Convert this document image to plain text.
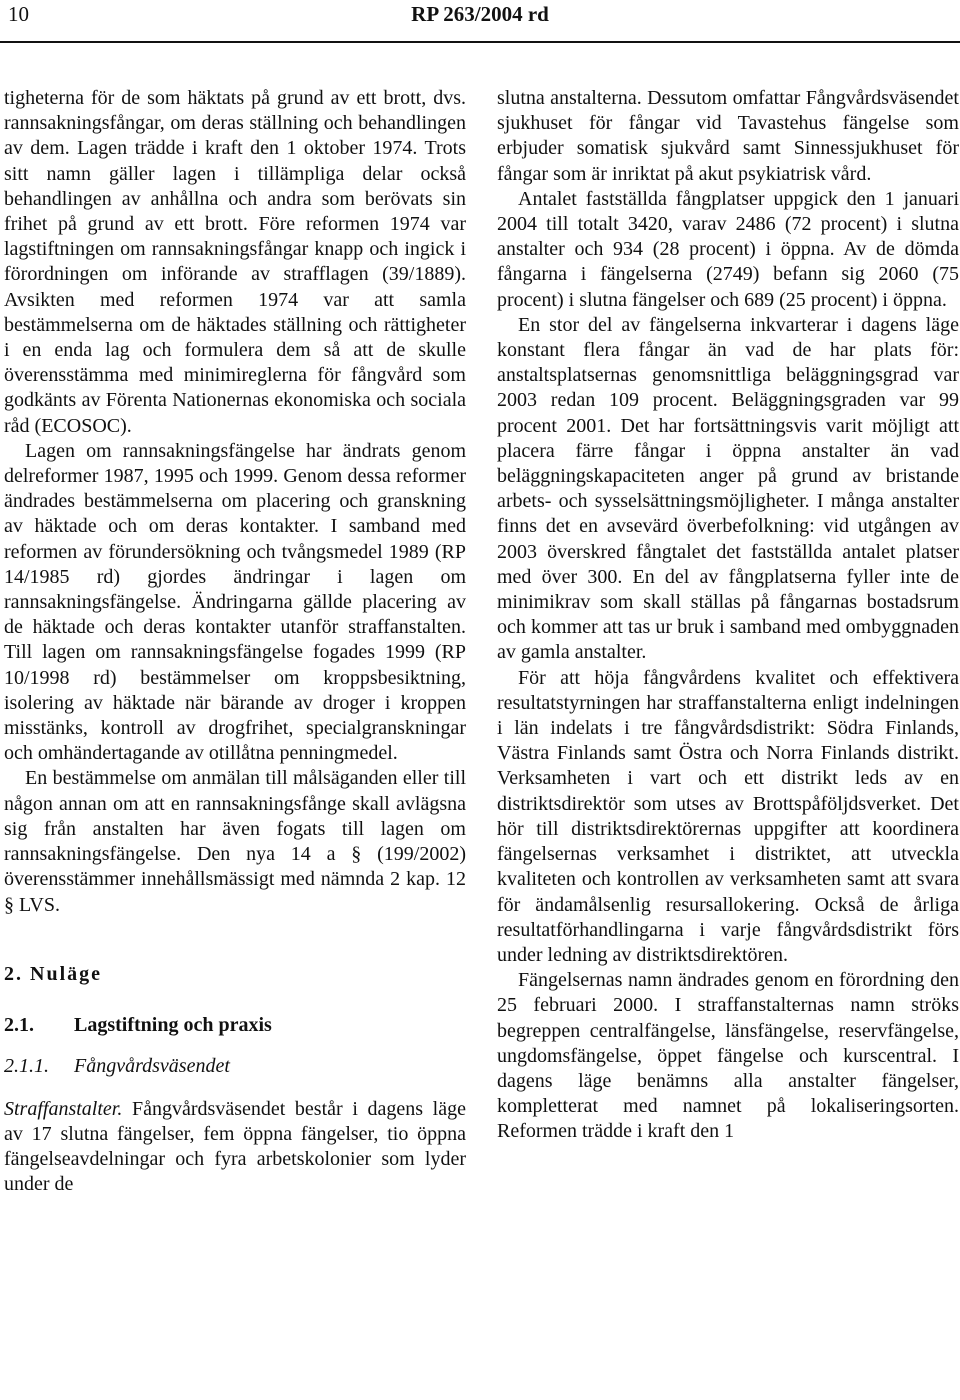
10	RP 263/2004 rd

tigheterna för de som häktats på grund av ett brott, dvs. rannsakningsfångar, om deras ställning och behandlingen av dem. Lagen trädde i kraft den 1 oktober 1974. Trots sitt namn gäller lagen i tillämpliga delar också behandlingen av anhållna och andra som berövats sin frihet på grund av ett brott. Före reformen 1974 var lagstiftningen om rannsakningsfångar knapp och ingick i förordningen om införande av strafflagen (39/1889). Avsikten med reformen 1974 var att samla bestämmelserna om de häktades ställning och rättigheter i en enda lag och formulera dem så att de skulle överensstämma med minimireglerna för fångvård som godkänts av Förenta Nationernas ekonomiska och sociala råd (ECOSOC).

Lagen om rannsakningsfängelse har ändrats genom delreformer 1987, 1995 och 1999. Genom dessa reformer ändrades bestämmelserna om placering och granskning av häktade och om deras kontakter. I samband med reformen av förundersökning och tvångsmedel 1989 (RP 14/1985 rd) gjordes ändringar i lagen om rannsakningsfängelse. Ändringarna gällde placering av de häktade och deras kontakter utanför straffanstalten. Till lagen om rannsakningsfängelse fogades 1999 (RP 10/1998 rd) bestämmelser om kroppsbesiktning, isolering av häktade när bärande av droger i kroppen misstänks, kontroll av drogfrihet, specialgranskningar och omhändertagande av otillåtna penningmedel.

En bestämmelse om anmälan till målsäganden eller till någon annan om att en rannsakningsfånge skall avlägsna sig från anstalten har även fogats till lagen om rannsakningsfängelse. Den nya 14 a § (199/2002) överensstämmer innehållsmässigt med nämnda 2 kap. 12 § LVS.

2. Nuläge
2.1. Lagstiftning och praxis
2.1.1. Fångvårdsväsendet

Straffanstalter. Fångvårdsväsendet består i dagens läge av 17 slutna fängelser, fem öppna fängelser, tio öppna fängelseavdelningar och fyra arbetskolonier som lyder under de

slutna anstalterna. Dessutom omfattar Fångvårdsväsendet sjukhuset för fångar vid Tavastehus fängelse som erbjuder somatisk sjukvård samt Sinnessjukhuset för fångar som är inriktat på akut psykiatrisk vård.

Antalet fastställda fångplatser uppgick den 1 januari 2004 till totalt 3420, varav 2486 (72 procent) i slutna anstalter och 934 (28 procent) i öppna. Av de dömda fångarna i fängelserna (2749) befann sig 2060 (75 procent) i slutna fängelser och 689 (25 procent) i öppna.

En stor del av fängelserna inkvarterar i dagens läge konstant flera fångar än vad de har plats för: anstaltsplatsernas genomsnittliga beläggningsgrad var 2003 redan 109 procent. Beläggningsgraden var 99 procent 2001. Det har fortsättningsvis varit möjligt att placera färre fångar i öppna anstalter än vad beläggningskapaciteten anger på grund av bristande arbets- och sysselsättningsmöjligheter. I många anstalter finns det en avsevärd överbefolkning: vid utgången av 2003 överskred fångtalet det fastställda antalet platser med över 300. En del av fångplatserna fyller inte de minimikrav som skall ställas på fångarnas bostadsrum och kommer att tas ur bruk i samband med ombyggnaden av gamla anstalter.

För att höja fångvårdens kvalitet och effektivera resultatstyrningen har straffanstalterna enligt indelningen i län indelats i tre fångvårdsdistrikt: Södra Finlands, Västra Finlands samt Östra och Norra Finlands distrikt. Verksamheten i vart och ett distrikt leds av en distriktsdirektör som utses av Brottspåföljdsverket. Det hör till distriktsdirektörernas uppgifter att koordinera fängelsernas verksamhet i distriktet, att utveckla kvaliteten och kontrollen av verksamheten samt att svara för ändamålsenlig resursallokering. Också de årliga resultatförhandlingarna i varje fångvårdsdistrikt förs under ledning av distriktsdirektören.

Fängelsernas namn ändrades genom en förordning den 25 februari 2000. I straffanstalternas namn ströks begreppen centralfängelse, länsfängelse, reservfängelse, ungdomsfängelse, öppet fängelse och kurscentral. I dagens läge benämns alla anstalter fängelser, kompletterat med namnet på lokaliseringsorten. Reformen trädde i kraft den 1
